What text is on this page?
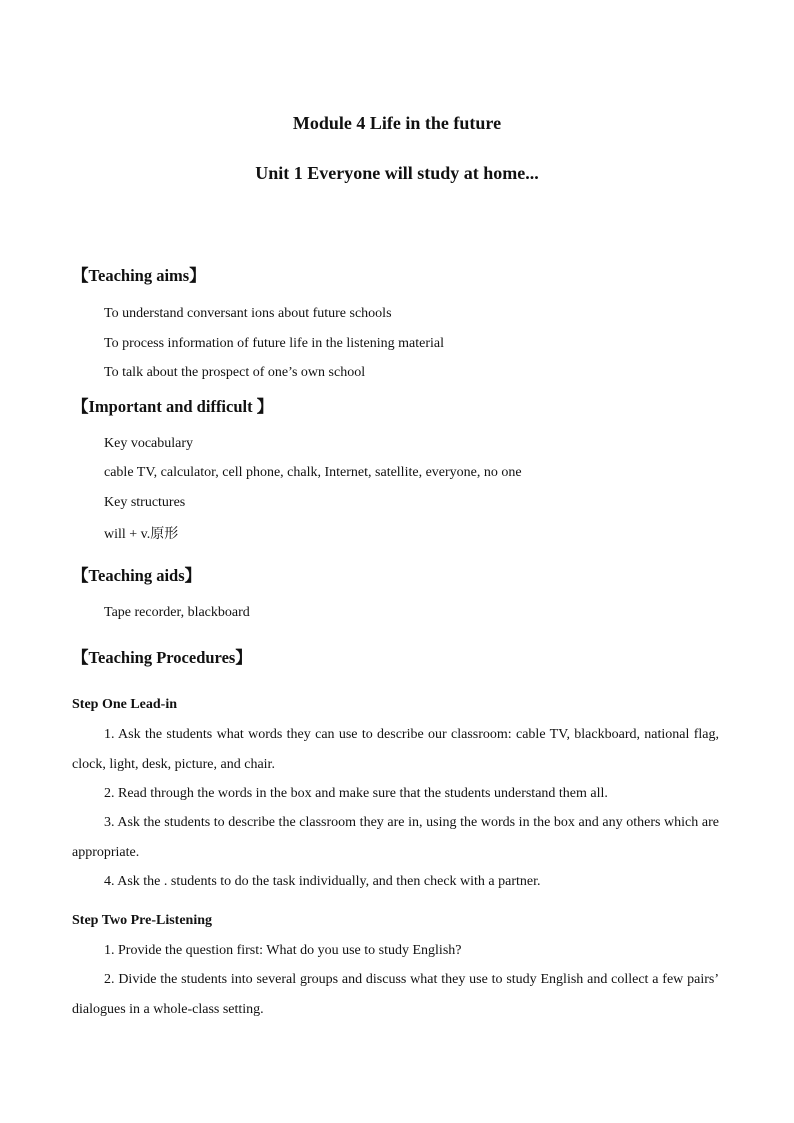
Module 4 Life in the future
Unit 1 Everyone will study at home...
【Teaching aims】

To understand conversant ions about future schools

To process information of future life in the listening material

To talk about the prospect of one’s own school

【Important and difficult 】

Key vocabulary

cable TV, calculator, cell phone, chalk, Internet, satellite, everyone, no one

Key structures

will + v.原形

【Teaching aids】

Tape recorder, blackboard

【Teaching Procedures】

Step One Lead-in

1. Ask the students what words they can use to describe our classroom: cable TV, blackboard, national flag, clock, light, desk, picture, and chair.

2. Read through the words in the box and make sure that the students understand them all.

3. Ask the students to describe the classroom they are in, using the words in the box and any others which are appropriate.

4. Ask the . students to do the task individually, and then check with a partner.

Step Two Pre-Listening

1. Provide the question first: What do you use to study English?

2. Divide the students into several groups and discuss what they use to study English and collect a few pairs’ dialogues in a whole-class setting.
